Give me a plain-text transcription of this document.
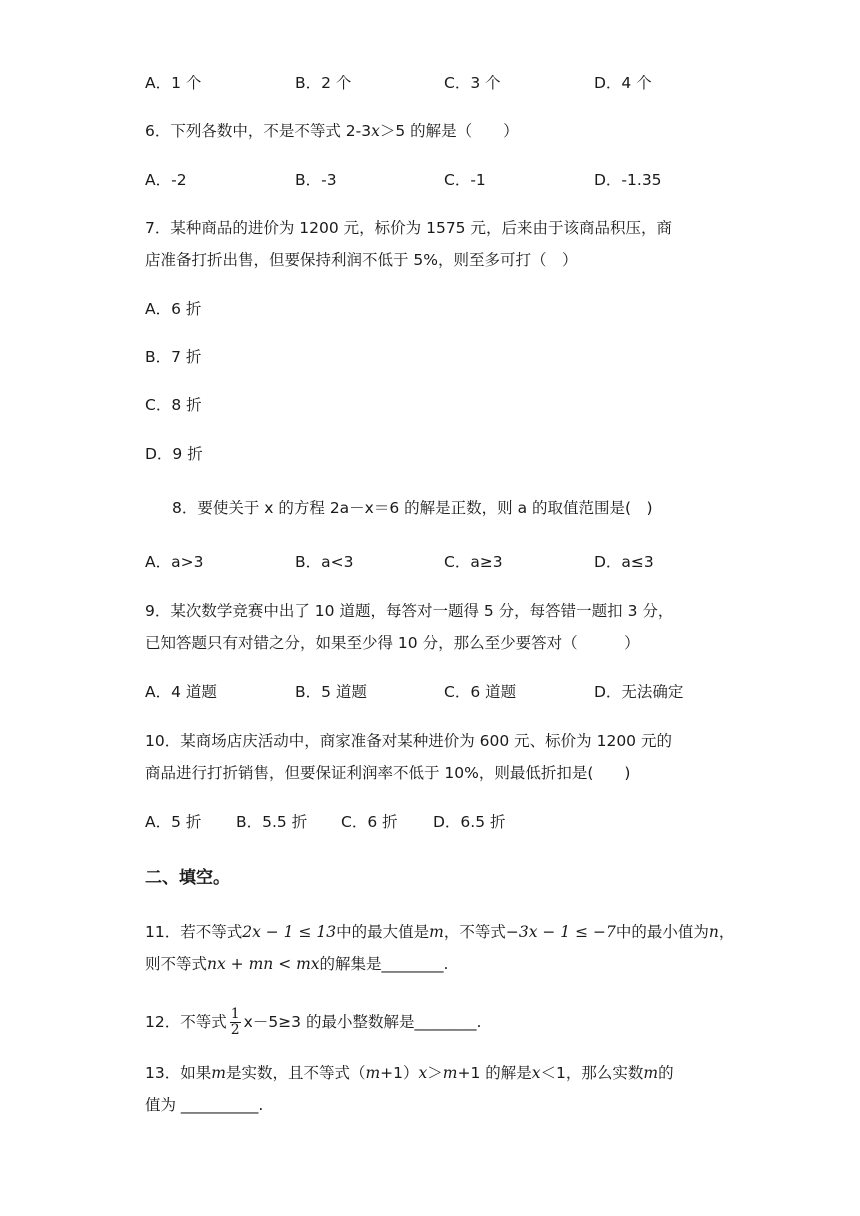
A．1 个	B．2 个	C．3 个	D．4 个
6．下列各数中，不是不等式 2-3x＞5 的解是（　　）
A．-2	B．-3	C．-1	D．-1.35
7．某种商品的进价为 1200 元，标价为 1575 元，后来由于该商品积压，商
店准备打折出售，但要保持利润不低于 5%，则至多可打（　）
A．6 折
B．7 折
C．8 折
D．9 折
8．要使关于 x 的方程 2a－x＝6 的解是正数，则 a 的取值范围是(　)
A．a>3	B．a<3	C．a≥3	D．a≤3
9．某次数学竞赛中出了 10 道题，每答对一题得 5 分，每答错一题扣 3 分，
已知答题只有对错之分，如果至少得 10 分，那么至少要答对（　　　）
A．4 道题	B．5 道题	C．6 道题	D．无法确定
10．某商场店庆活动中，商家准备对某种进价为 600 元、标价为 1200 元的
商品进行打折销售，但要保证利润率不低于 10%，则最低折扣是(　　)
A．5 折 B．5.5 折 C．6 折 D．6.5 折
二、填空。
11．若不等式2x − 1 ≤ 13中的最大值是m，不等式−3x − 1 ≤ −7中的最小值为n，
则不等式nx + mn < mx的解集是________.
12．不等式 $\frac{1}{2} x-5\ge 3$ 的最小整数解是________.
13．如果m是实数，且不等式（m+1）x＞m+1 的解是x＜1，那么实数m的
值为 __________.
